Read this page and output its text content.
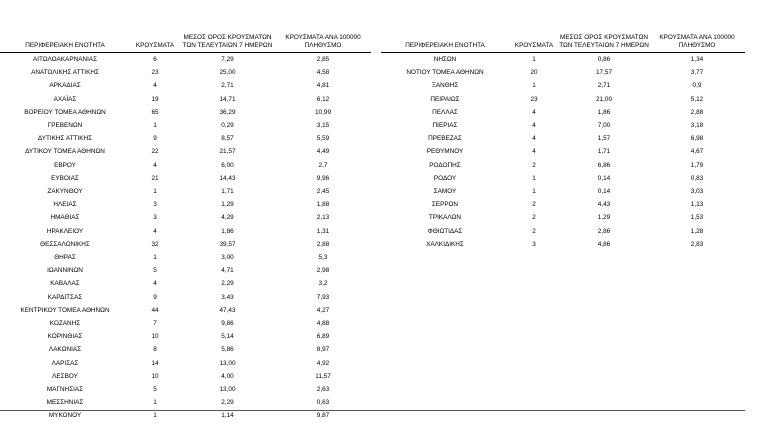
ΠΕΡΙΦΕΡΕΙΑΚΗ ΕΝΟΤΗΤΑ	ΚΡΟΥΣΜΑΤΑ	ΜΕΣΟΣ ΟΡΟΣ ΚΡΟΥΣΜΑΤΩΝ ΤΩΝ ΤΕΛΕΥΤΑΙΩΝ 7 ΗΜΕΡΩΝ	ΚΡΟΥΣΜΑΤΑ ΑΝΑ 100000 ΠΛΗΘΥΣΜΟ
ΑΙΤΩΛΟΑΚΑΡΝΑΝΙΑΣ	6	7,29	2,85
ΑΝΑΤΟΛΙΚΗΣ ΑΤΤΙΚΗΣ	23	25,00	4,58
ΑΡΚΑΔΙΑΣ	4	2,71	4,81
ΑΧΑΪΑΣ	19	14,71	6,12
ΒΟΡΕΙΟΥ ΤΟΜΕΑ ΑΘΗΝΩΝ	65	36,29	10,99
ΓΡΕΒΕΝΩΝ	1	0,29	3,15
ΔΥΤΙΚΗΣ ΑΤΤΙΚΗΣ	9	8,57	5,59
ΔΥΤΙΚΟΥ ΤΟΜΕΑ ΑΘΗΝΩΝ	22	21,57	4,49
ΕΒΡΟΥ	4	6,00	2,7
ΕΥΒΟΙΑΣ	21	14,43	9,96
ΖΑΚΥΝΘΟΥ	1	1,71	2,45
ΗΛΕΙΑΣ	3	1,29	1,88
ΗΜΑΘΙΑΣ	3	4,29	2,13
ΗΡΑΚΛΕΙΟΥ	4	1,86	1,31
ΘΕΣΣΑΛΟΝΙΚΗΣ	32	39,57	2,88
ΘΗΡΑΣ	1	3,00	5,3
ΙΩΑΝΝΙΝΩΝ	5	4,71	2,98
ΚΑΒΑΛΑΣ	4	2,29	3,2
ΚΑΡΔΙΤΣΑΣ	9	3,43	7,93
ΚΕΝΤΡΙΚΟΥ ΤΟΜΕΑ ΑΘΗΝΩΝ	44	47,43	4,27
ΚΟΖΑΝΗΣ	7	9,86	4,88
ΚΟΡΙΝΘΙΑΣ	10	5,14	6,89
ΛΑΚΩΝΙΑΣ	8	5,86	8,97
ΛΑΡΙΣΑΣ	14	13,00	4,92
ΛΕΣΒΟΥ	10	4,00	11,57
ΜΑΓΝΗΣΙΑΣ	5	13,00	2,63
ΜΕΣΣΗΝΙΑΣ	1	2,29	0,63
ΜΥΚΟΝΟΥ	1	1,14	9,87
ΠΕΡΙΦΕΡΕΙΑΚΗ ΕΝΟΤΗΤΑ	ΚΡΟΥΣΜΑΤΑ	ΜΕΣΟΣ ΟΡΟΣ ΚΡΟΥΣΜΑΤΩΝ ΤΩΝ ΤΕΛΕΥΤΑΙΩΝ 7 ΗΜΕΡΩΝ	ΚΡΟΥΣΜΑΤΑ ΑΝΑ 100000 ΠΛΗΘΥΣΜΟ
ΝΗΣΩΝ	1	0,86	1,34
ΝΟΤΙΟΥ ΤΟΜΕΑ ΑΘΗΝΩΝ	20	17,57	3,77
ΞΑΝΘΗΣ	1	2,71	0,9
ΠΕΙΡΑΙΩΣ	23	21,00	5,12
ΠΕΛΛΑΣ	4	1,86	2,88
ΠΙΕΡΙΑΣ	4	7,00	3,18
ΠΡΕΒΕΖΑΣ	4	1,57	6,98
ΡΕΘΥΜΝΟΥ	4	1,71	4,67
ΡΟΔΟΠΗΣ	2	6,86	1,79
ΡΟΔΟΥ	1	0,14	0,83
ΣΑΜΟΥ	1	0,14	3,03
ΣΕΡΡΩΝ	2	4,43	1,13
ΤΡΙΚΑΛΩΝ	2	1,29	1,53
ΦΘΙΩΤΙΔΑΣ	2	2,86	1,28
ΧΑΛΚΙΔΙΚΗΣ	3	4,86	2,83
